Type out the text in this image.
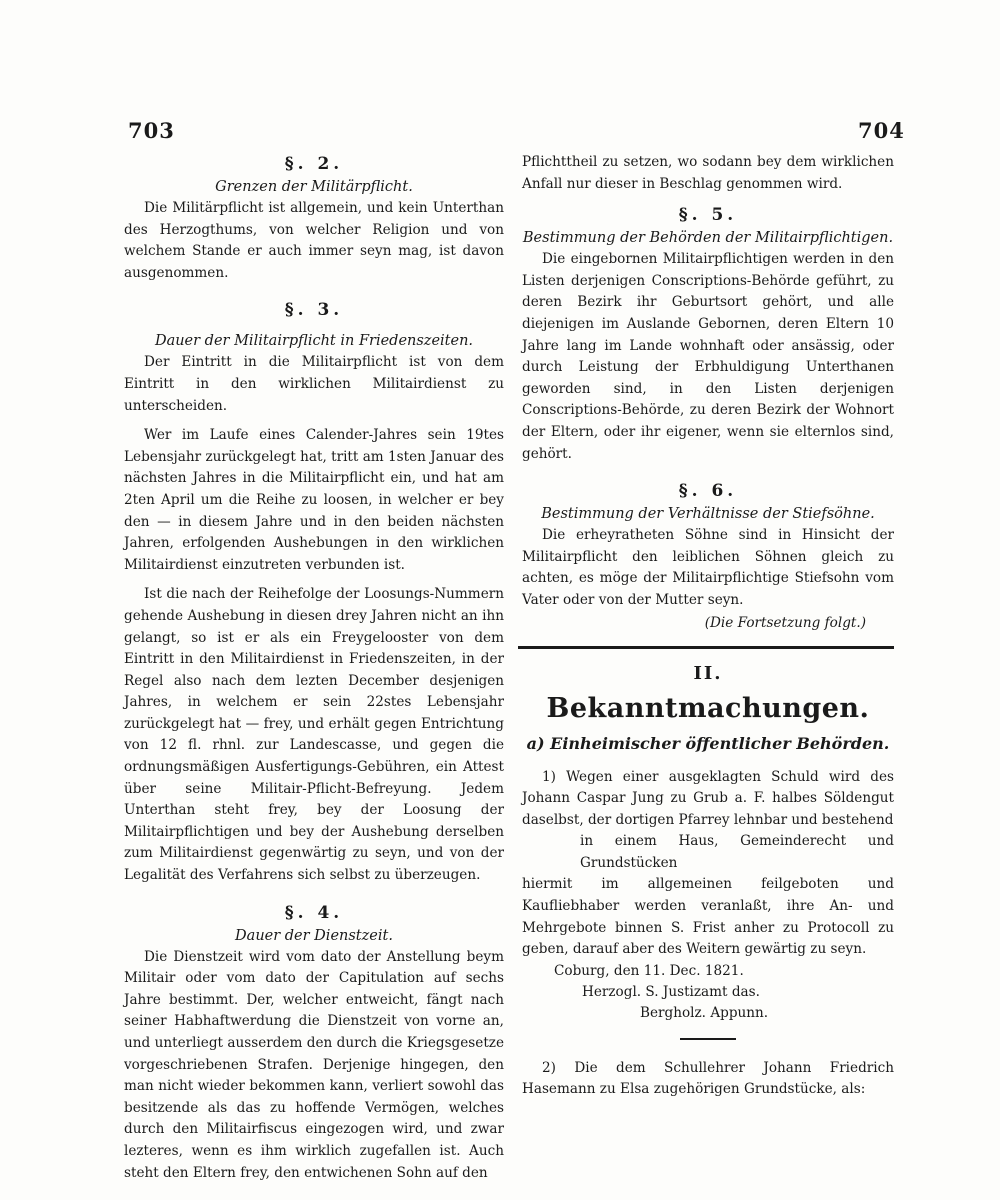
703	704

§. 2.

Grenzen der Militärpflicht.

Die Militärpflicht ist allgemein, und kein Unterthan des Herzogthums, von welcher Religion und von welchem Stande er auch immer seyn mag, ist davon ausgenommen.

§. 3.

Dauer der Militairpflicht in Friedenszeiten.

Der Eintritt in die Militairpflicht ist von dem Eintritt in den wirklichen Militairdienst zu unterscheiden.

Wer im Laufe eines Calender-Jahres sein 19tes Lebensjahr zurückgelegt hat, tritt am 1sten Januar des nächsten Jahres in die Militairpflicht ein, und hat am 2ten April um die Reihe zu loosen, in welcher er bey den — in diesem Jahre und in den beiden nächsten Jahren, erfolgenden Aushebungen in den wirklichen Militairdienst einzutreten verbunden ist.

Ist die nach der Reihefolge der Loosungs-Nummern gehende Aushebung in diesen drey Jahren nicht an ihn gelangt, so ist er als ein Freygelooster von dem Eintritt in den Militairdienst in Friedenszeiten, in der Regel also nach dem lezten December desjenigen Jahres, in welchem er sein 22stes Lebensjahr zurückgelegt hat — frey, und erhält gegen Entrichtung von 12 fl. rhnl. zur Landescasse, und gegen die ordnungsmäßigen Ausfertigungs-Gebühren, ein Attest über seine Militair-Pflicht-Befreyung. Jedem Unterthan steht frey, bey der Loosung der Militairpflichtigen und bey der Aushebung derselben zum Militairdienst gegenwärtig zu seyn, und von der Legalität des Verfahrens sich selbst zu überzeugen.

§. 4.

Dauer der Dienstzeit.

Die Dienstzeit wird vom dato der Anstellung beym Militair oder vom dato der Capitulation auf sechs Jahre bestimmt. Der, welcher entweicht, fängt nach seiner Habhaftwerdung die Dienstzeit von vorne an, und unterliegt ausserdem den durch die Kriegsgesetze vorgeschriebenen Strafen. Derjenige hingegen, den man nicht wieder bekommen kann, verliert sowohl das besitzende als das zu hoffende Vermögen, welches durch den Militairfiscus eingezogen wird, und zwar lezteres, wenn es ihm wirklich zugefallen ist. Auch steht den Eltern frey, den entwichenen Sohn auf den

Pflichttheil zu setzen, wo sodann bey dem wirklichen Anfall nur dieser in Beschlag genommen wird.

§. 5.

Bestimmung der Behörden der Militairpflichtigen.

Die eingebornen Militairpflichtigen werden in den Listen derjenigen Conscriptions-Behörde geführt, zu deren Bezirk ihr Geburtsort gehört, und alle diejenigen im Auslande Gebornen, deren Eltern 10 Jahre lang im Lande wohnhaft oder ansässig, oder durch Leistung der Erbhuldigung Unterthanen geworden sind, in den Listen derjenigen Conscriptions-Behörde, zu deren Bezirk der Wohnort der Eltern, oder ihr eigener, wenn sie elternlos sind, gehört.

§. 6.

Bestimmung der Verhältnisse der Stiefsöhne.

Die erheyratheten Söhne sind in Hinsicht der Militairpflicht den leiblichen Söhnen gleich zu achten, es möge der Militairpflichtige Stiefsohn vom Vater oder von der Mutter seyn.

(Die Fortsetzung folgt.)

II.

Bekanntmachungen.

a) Einheimischer öffentlicher Behörden.

1) Wegen einer ausgeklagten Schuld wird des Johann Caspar Jung zu Grub a. F. halbes Söldengut daselbst, der dortigen Pfarrey lehnbar und bestehend

in einem Haus, Gemeinderecht und Grundstücken

hiermit im allgemeinen feilgeboten und Kaufliebhaber werden veranlaßt, ihre An- und Mehrgebote binnen S. Frist anher zu Protocoll zu geben, darauf aber des Weitern gewärtig zu seyn.

Coburg, den 11. Dec. 1821.

Herzogl. S. Justizamt das.

Bergholz. Appunn.

2) Die dem Schullehrer Johann Friedrich Hasemann zu Elsa zugehörigen Grundstücke, als:
